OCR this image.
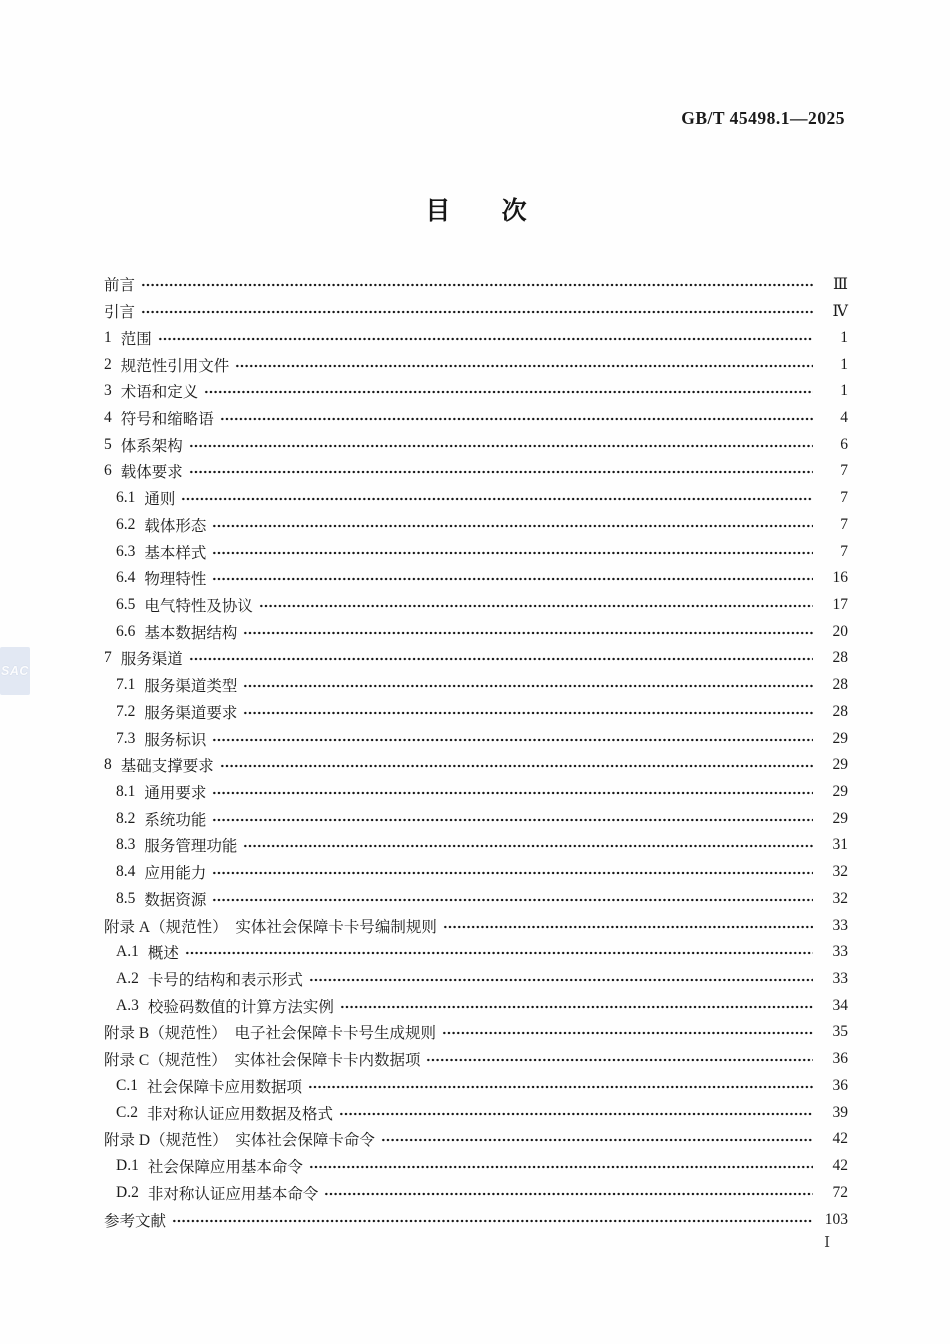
GB/T 45498.1—2025
目 次
SAC
前言	Ⅲ
引言	Ⅳ
1 范围	1
2 规范性引用文件	1
3 术语和定义	1
4 符号和缩略语	4
5 体系架构	6
6 载体要求	7
6.1 通则	7
6.2 载体形态	7
6.3 基本样式	7
6.4 物理特性	16
6.5 电气特性及协议	17
6.6 基本数据结构	20
7 服务渠道	28
7.1 服务渠道类型	28
7.2 服务渠道要求	28
7.3 服务标识	29
8 基础支撑要求	29
8.1 通用要求	29
8.2 系统功能	29
8.3 服务管理功能	31
8.4 应用能力	32
8.5 数据资源	32
附录 A（规范性）　实体社会保障卡卡号编制规则	33
A.1 概述	33
A.2 卡号的结构和表示形式	33
A.3 校验码数值的计算方法实例	34
附录 B（规范性）　电子社会保障卡卡号生成规则	35
附录 C（规范性）　实体社会保障卡卡内数据项	36
C.1 社会保障卡应用数据项	36
C.2 非对称认证应用数据及格式	39
附录 D（规范性）　实体社会保障卡命令	42
D.1 社会保障应用基本命令	42
D.2 非对称认证应用基本命令	72
参考文献	103
Ⅰ
